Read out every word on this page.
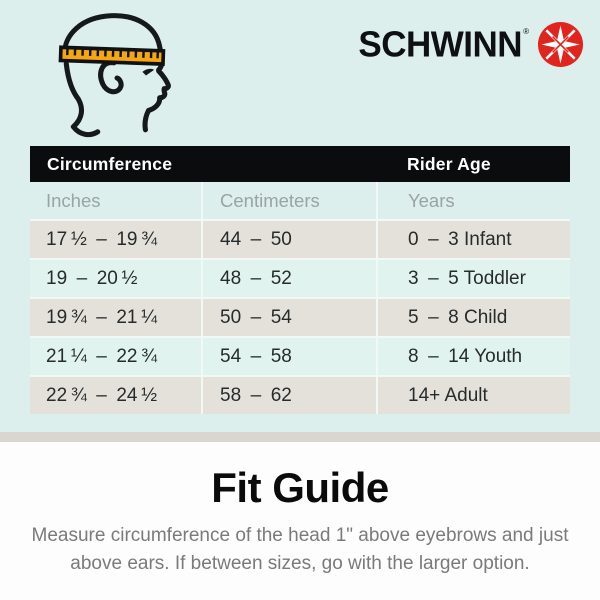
SCHWINN ®
Circumference	Rider Age
Inches	Centimeters	Years
17 ½ – 19 ¾	44 – 50	0 – 3 Infant
19 – 20 ½	48 – 52	3 – 5 Toddler
19 ¾ – 21 ¼	50 – 54	5 – 8 Child
21 ¼ – 22 ¾	54 – 58	8 – 14 Youth
22 ¾ – 24 ½	58 – 62	14+ Adult
Fit Guide

Measure circumference of the head 1" above eyebrows and just above ears. If between sizes, go with the larger option.
